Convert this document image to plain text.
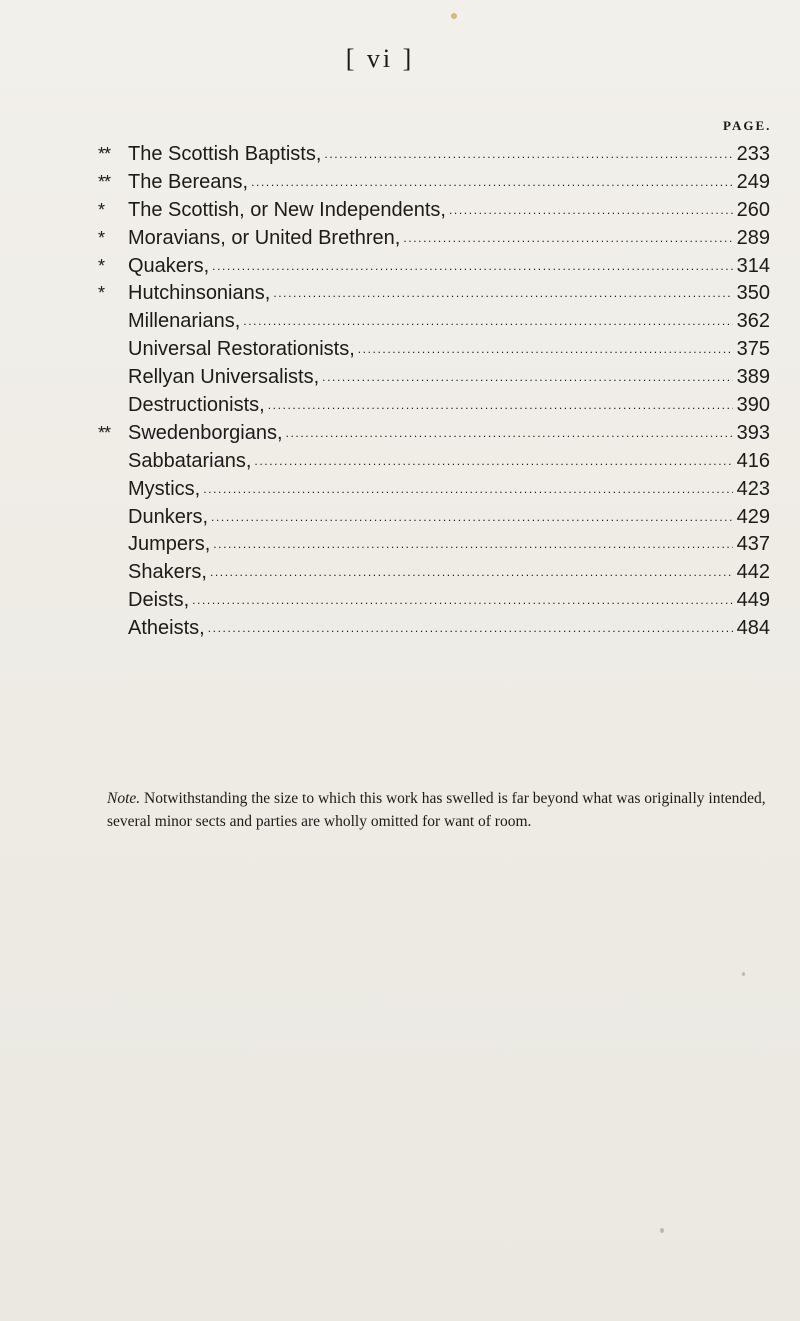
[ vi ]
PAGE.
** The Scottish Baptists, .....	233
** The Bereans, .....	249
*	The Scottish, or New Independents, .....	260
*	Moravians, or United Brethren, .....	289
*	Quakers, .....	314
*	Hutchinsonians, .....	350
Millenarians, .....	362
Universal Restorationists, .....	375
Rellyan Universalists, .....	389
Destructionists, .....	390
** Swedenborgians, .....	393
Sabbatarians, .....	416
Mystics, .....	423
Dunkers, .....	429
Jumpers, .....	437
Shakers, .....	442
Deists, .....	449
Atheists, .....	484

Note. Notwithstanding the size to which this work has swelled is far beyond what was originally intended, several minor sects and parties are wholly omitted for want of room.
